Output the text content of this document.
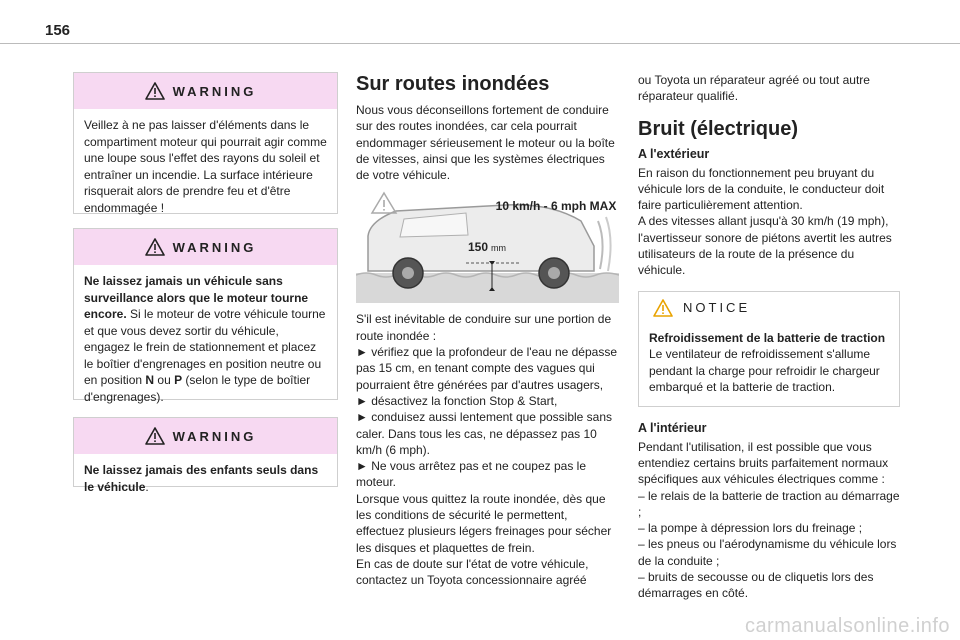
156
WARNING

Veillez à ne pas laisser d'éléments dans le compartiment moteur qui pourrait agir comme une loupe sous l'effet des rayons du soleil et entraîner un incendie. La surface intérieure risquerait alors de prendre feu et d'être endommagée !

WARNING

Ne laissez jamais un véhicule sans surveillance alors que le moteur tourne encore. Si le moteur de votre véhicule tourne et que vous devez sortir du véhicule, engagez le frein de stationnement et placez le boîtier d'engrenages en position neutre ou en position N ou P (selon le type de boîtier d'engrenages).

WARNING

Ne laissez jamais des enfants seuls dans le véhicule.

Sur routes inondées

Nous vous déconseillons fortement de conduire sur des routes inondées, car cela pourrait endommager sérieusement le moteur ou la boîte de vitesses, ainsi que les systèmes électriques de votre véhicule.

10 km/h - 6 mph MAX
150 mm

S'il est inévitable de conduire sur une portion de route inondée :

► vérifiez que la profondeur de l'eau ne dépasse pas 15 cm, en tenant compte des vagues qui pourraient être générées par d'autres usagers,

► désactivez la fonction Stop & Start,

► conduisez aussi lentement que possible sans caler. Dans tous les cas, ne dépassez pas 10 km/h (6 mph).

► Ne vous arrêtez pas et ne coupez pas le moteur.

Lorsque vous quittez la route inondée, dès que les conditions de sécurité le permettent, effectuez plusieurs légers freinages pour sécher les disques et plaquettes de frein.

En cas de doute sur l'état de votre véhicule, contactez un Toyota concessionnaire agréé

ou Toyota un réparateur agréé ou tout autre réparateur qualifié.

Bruit (électrique)
A l'extérieur

En raison du fonctionnement peu bruyant du véhicule lors de la conduite, le conducteur doit faire particulièrement attention.

A des vitesses allant jusqu'à 30 km/h (19 mph), l'avertisseur sonore de piétons avertit les autres utilisateurs de la route de la présence du véhicule.

NOTICE

Refroidissement de la batterie de traction

Le ventilateur de refroidissement s'allume pendant la charge pour refroidir le chargeur embarqué et la batterie de traction.

A l'intérieur

Pendant l'utilisation, il est possible que vous entendiez certains bruits parfaitement normaux spécifiques aux véhicules électriques comme :

– le relais de la batterie de traction au démarrage ;

– la pompe à dépression lors du freinage ;

– les pneus ou l'aérodynamisme du véhicule lors de la conduite ;

– bruits de secousse ou de cliquetis lors des démarrages en côté.

carmanualsonline.info
